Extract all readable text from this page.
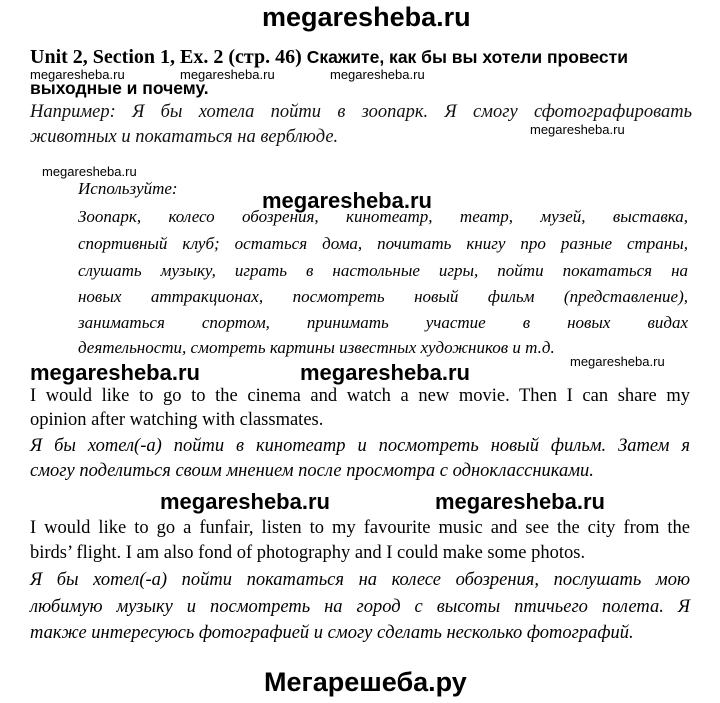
megaresheba.ru
Unit 2, Section 1, Ex. 2 (стр. 46) Скажите, как бы вы хотели провести
megaresheba.ru	megaresheba.ru	megaresheba.ru
выходные и почему.
Например: Я бы хотела пойти в зоопарк. Я смогу сфотографировать
животных и покататься на верблюде.	megaresheba.ru
megaresheba.ru
Используйте:	megaresheba.ru
Зоопарк, колесо обозрения, кинотеатр, театр, музей, выставка,
спортивный клуб; остаться дома, почитать книгу про разные страны,
слушать музыку, играть в настольные игры, пойти покататься на
новых аттракционах, посмотреть новый фильм (представление),
заниматься спортом, принимать участие в новых видах
деятельности, смотреть картины известных художников и т.д.
megaresheba.ru
megaresheba.ru	megaresheba.ru
I would like to go to the cinema and watch a new movie. Then I can share my
opinion after watching with classmates.
Я бы хотел(-а) пойти в кинотеатр и посмотреть новый фильм. Затем я
смогу поделиться своим мнением после просмотра с одноклассниками.
megaresheba.ru	megaresheba.ru
I would like to go a funfair, listen to my favourite music and see the city from the
birds’ flight. I am also fond of photography and I could make some photos.
Я бы хотел(-а) пойти покататься на колесе обозрения, послушать мою
любимую музыку и посмотреть на город с высоты птичьего полета. Я
также интересуюсь фотографией и смогу сделать несколько фотографий.
Мегарешеба.ру
